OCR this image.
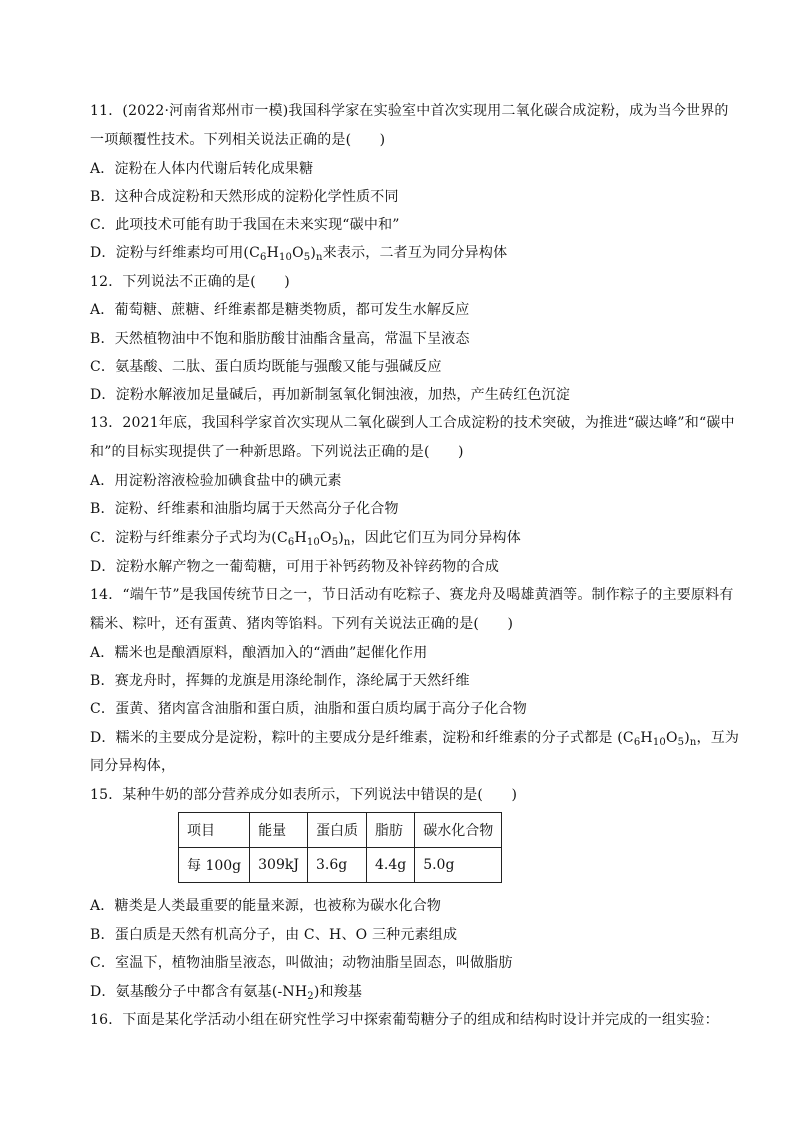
11．(2022·河南省郑州市一模)我国科学家在实验室中首次实现用二氧化碳合成淀粉，成为当今世界的
一项颠覆性技术。下列相关说法正确的是(　　)
A．淀粉在人体内代谢后转化成果糖
B．这种合成淀粉和天然形成的淀粉化学性质不同
C．此项技术可能有助于我国在未来实现“碳中和”
D．淀粉与纤维素均可用$(C_6H_{10}O_5)_n$来表示，二者互为同分异构体
12．下列说法不正确的是(　　)
A．葡萄糖、蔗糖、纤维素都是糖类物质，都可发生水解反应
B．天然植物油中不饱和脂肪酸甘油酯含量高，常温下呈液态
C．氨基酸、二肽、蛋白质均既能与强酸又能与强碱反应
D．淀粉水解液加足量碱后，再加新制氢氧化铜浊液，加热，产生砖红色沉淀
13．2021年底，我国科学家首次实现从二氧化碳到人工合成淀粉的技术突破，为推进“碳达峰”和“碳中
和”的目标实现提供了一种新思路。下列说法正确的是(　　)
A．用淀粉溶液检验加碘食盐中的碘元素
B．淀粉、纤维素和油脂均属于天然高分子化合物
C．淀粉与纤维素分子式均为$(C_6H_{10}O_5)_n$，因此它们互为同分异构体
D．淀粉水解产物之一葡萄糖，可用于补钙药物及补锌药物的合成
14．“端午节”是我国传统节日之一，节日活动有吃粽子、赛龙舟及喝雄黄酒等。制作粽子的主要原料有
糯米、粽叶，还有蛋黄、猪肉等馅料。下列有关说法正确的是(　　)
A．糯米也是酿酒原料，酿酒加入的“酒曲”起催化作用
B．赛龙舟时，挥舞的龙旗是用涤纶制作，涤纶属于天然纤维
C．蛋黄、猪肉富含油脂和蛋白质，油脂和蛋白质均属于高分子化合物
D．糯米的主要成分是淀粉，粽叶的主要成分是纤维素，淀粉和纤维素的分子式都是 $(C_6H_{10}O_5)_n$，互为
同分异构体，
15．某种牛奶的部分营养成分如表所示，下列说法中错误的是(　　)
项目	能量	蛋白质	脂肪	碳水化合物
每 100g	309kJ	3.6g	4.4g	5.0g
A．糖类是人类最重要的能量来源，也被称为碳水化合物
B．蛋白质是天然有机高分子，由 C、H、O 三种元素组成
C．室温下，植物油脂呈液态，叫做油；动物油脂呈固态，叫做脂肪
D．氨基酸分子中都含有氨基$(-NH_2)$和羧基
16．下面是某化学活动小组在研究性学习中探索葡萄糖分子的组成和结构时设计并完成的一组实验：
